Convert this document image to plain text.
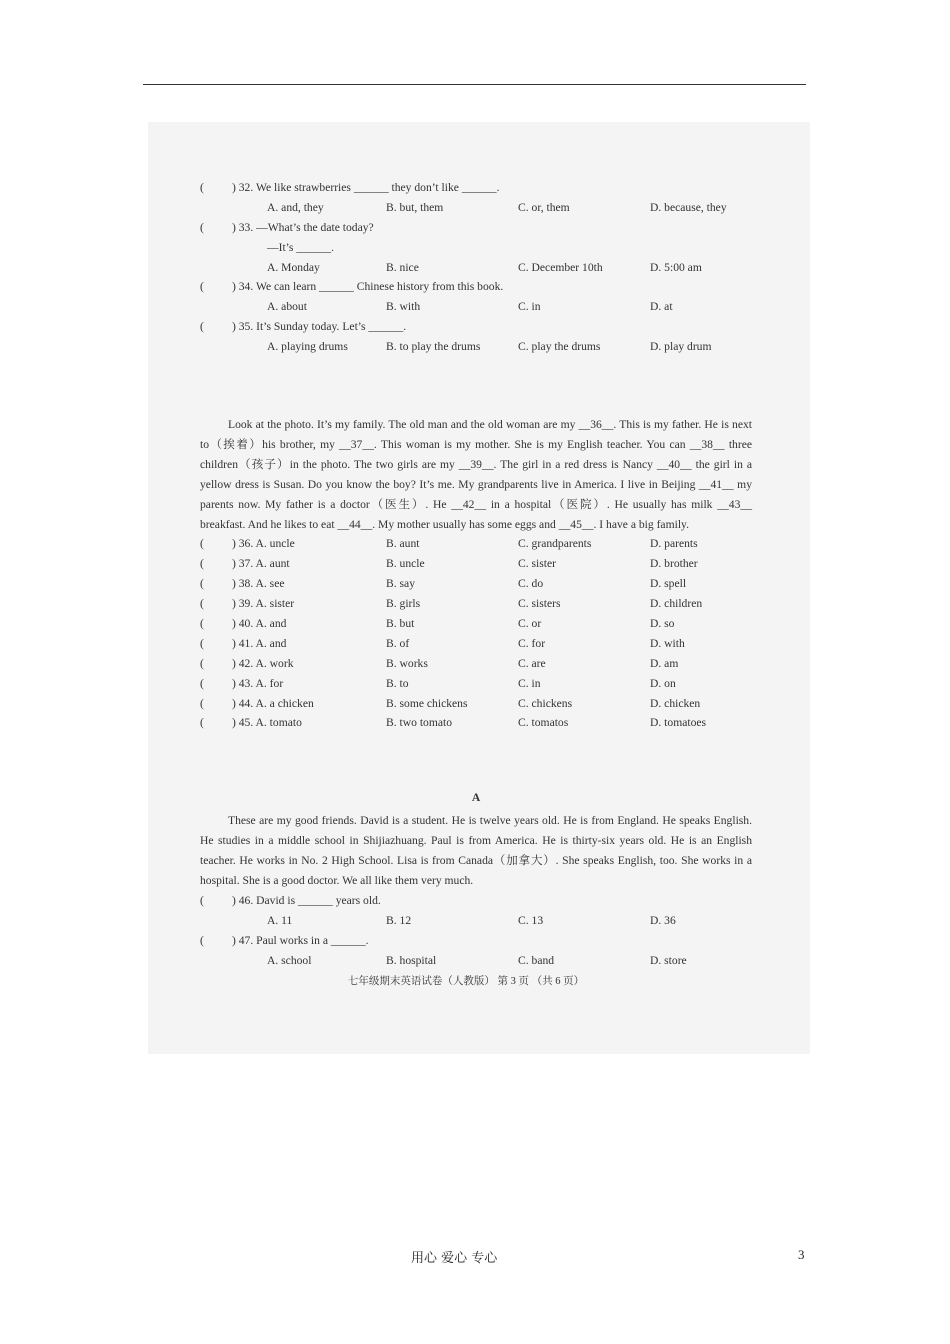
( ) 32. We like strawberries ______ they don’t like ______.
A. and, they	B. but, them	C. or, them	D. because, they
( ) 33. —What’s the date today?
—It’s ______.
A. Monday	B. nice	C. December 10th	D. 5:00 am
( ) 34. We can learn ______ Chinese history from this book.
A. about	B. with	C. in	D. at
( ) 35. It’s Sunday today. Let’s ______.
A. playing drums	B. to play the drums	C. play the drums	D. play drum

Look at the photo. It’s my family. The old man and the old woman are my __36__. This is my father. He is next to（挨着）his brother, my __37__. This woman is my mother. She is my English teacher. You can __38__ three children（孩子）in the photo. The two girls are my __39__. The girl in a red dress is Nancy __40__ the girl in a yellow dress is Susan. Do you know the boy? It’s me. My grandparents live in America. I live in Beijing __41__ my parents now. My father is a doctor（医生）. He __42__ in a hospital（医院）. He usually has milk __43__ breakfast. And he likes to eat __44__. My mother usually has some eggs and __45__. I have a big family.

( ) 36. A. uncle	B. aunt	C. grandparents	D. parents
( ) 37. A. aunt	B. uncle	C. sister	D. brother
( ) 38. A. see	B. say	C. do	D. spell
( ) 39. A. sister	B. girls	C. sisters	D. children
( ) 40. A. and	B. but	C. or	D. so
( ) 41. A. and	B. of	C. for	D. with
( ) 42. A. work	B. works	C. are	D. am
( ) 43. A. for	B. to	C. in	D. on
( ) 44. A. a chicken	B. some chickens	C. chickens	D. chicken
( ) 45. A. tomato	B. two tomato	C. tomatos	D. tomatoes
A

These are my good friends. David is a student. He is twelve years old. He is from England. He speaks English. He studies in a middle school in Shijiazhuang. Paul is from America. He is thirty-six years old. He is an English teacher. He works in No. 2 High School. Lisa is from Canada（加拿大）. She speaks English, too. She works in a hospital. She is a good doctor. We all like them very much.

( ) 46. David is ______ years old.
A. 11	B. 12	C. 13	D. 36
( ) 47. Paul works in a ______.
A. school	B. hospital	C. band	D. store
七年级期末英语试卷（人教版） 第 3 页 （共 6 页）
用心 爱心 专心	3
